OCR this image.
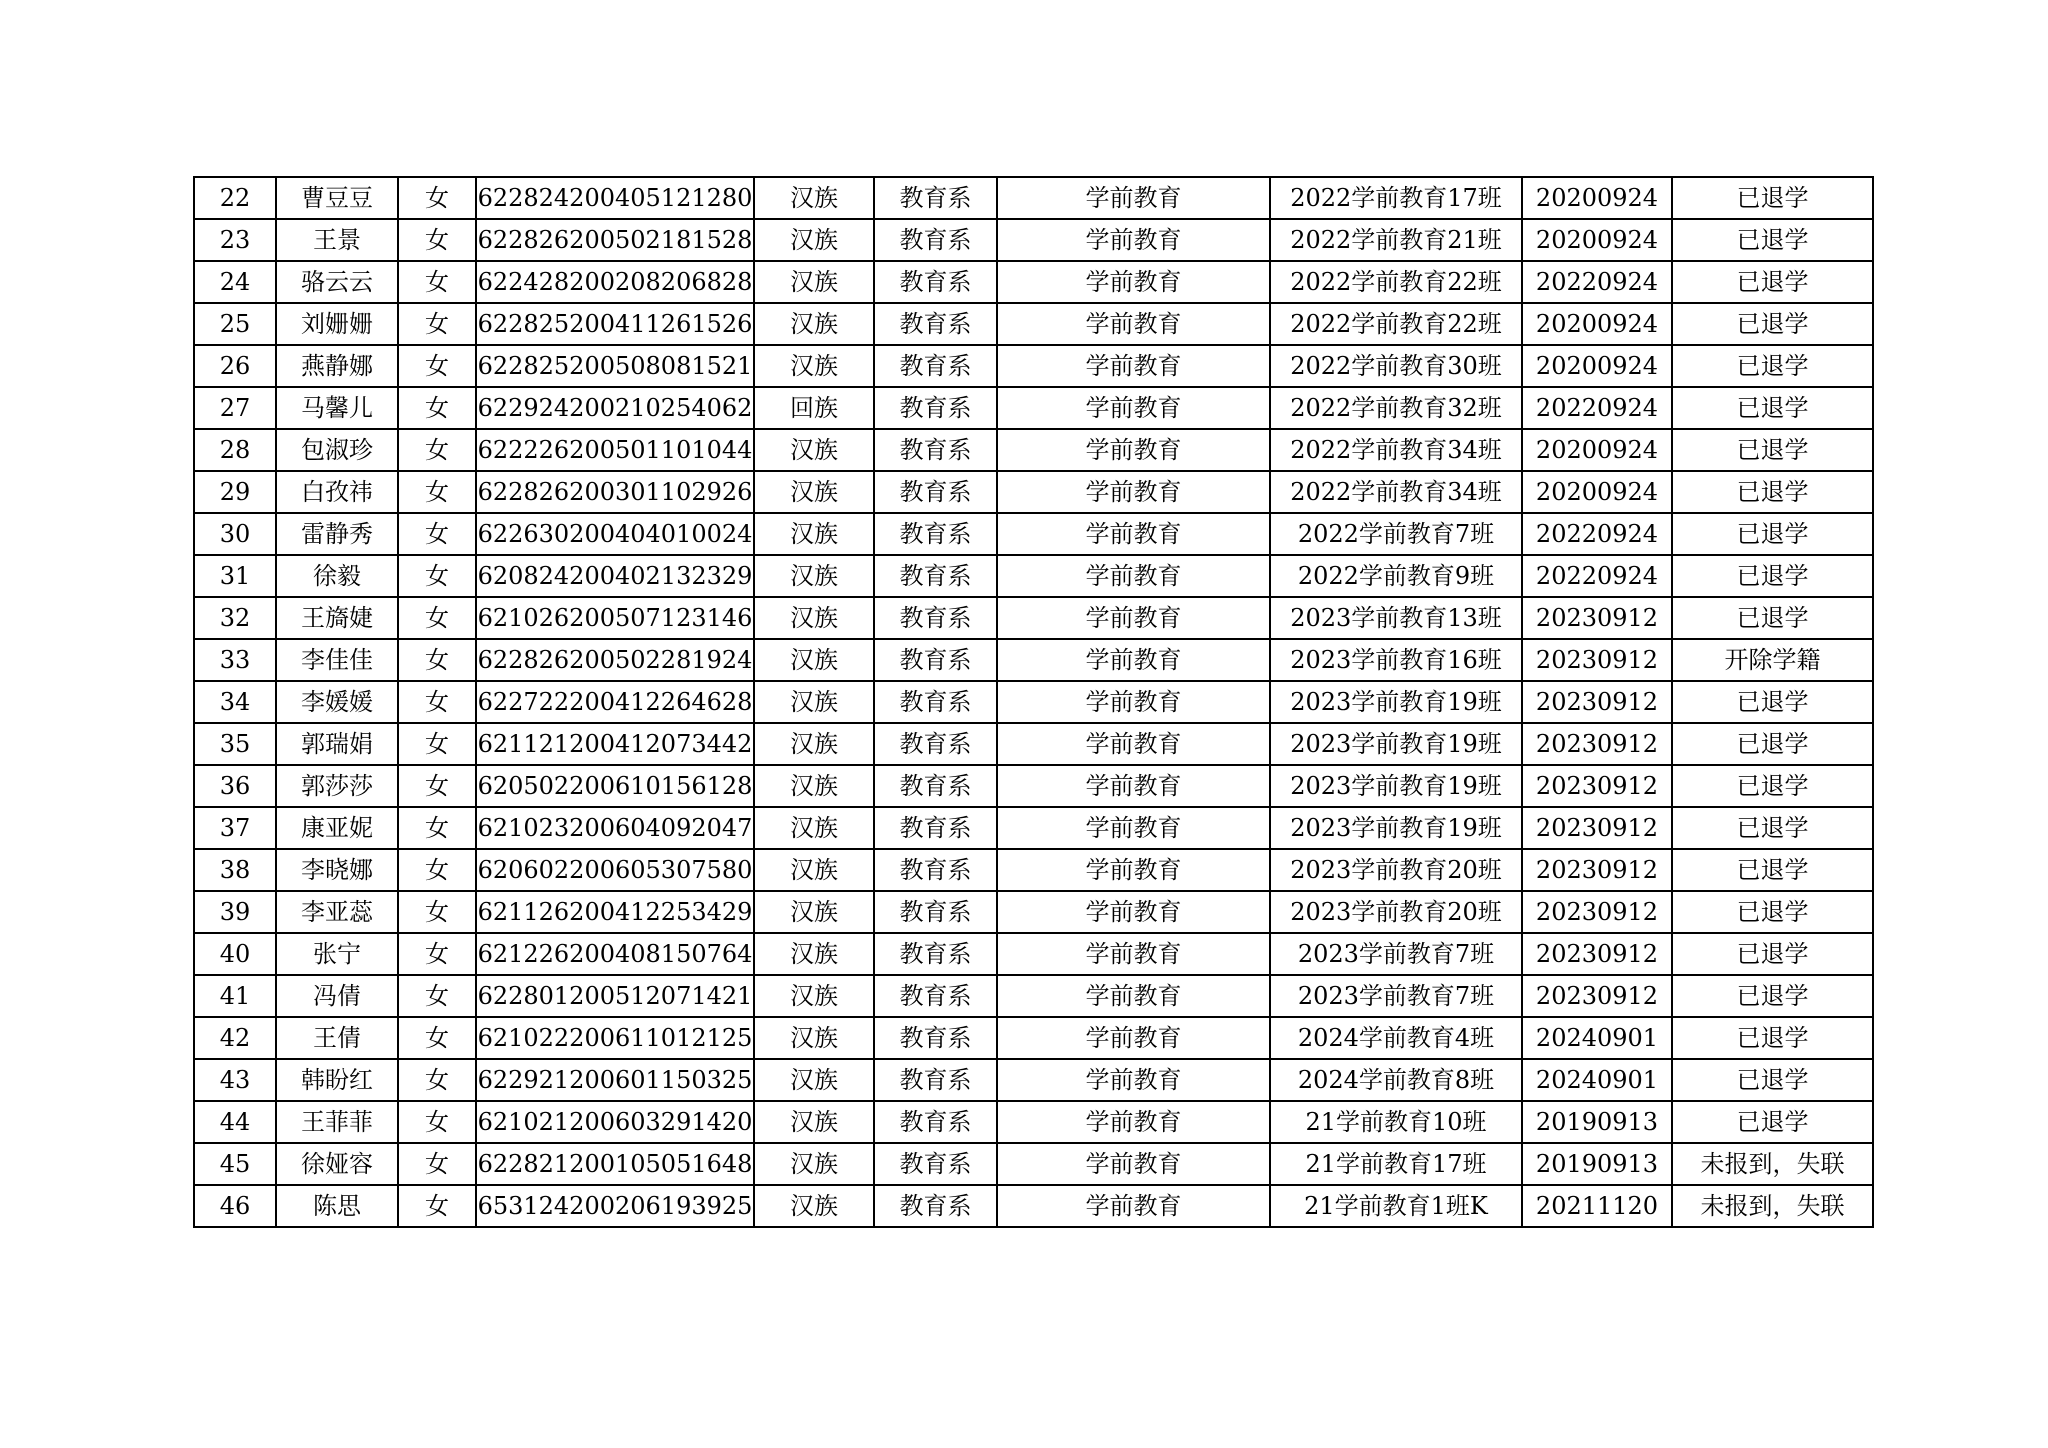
22	曹豆豆	女	622824200405121280	汉族	教育系	学前教育	2022学前教育17班	20200924	已退学
23	王景	女	622826200502181528	汉族	教育系	学前教育	2022学前教育21班	20200924	已退学
24	骆云云	女	622428200208206828	汉族	教育系	学前教育	2022学前教育22班	20220924	已退学
25	刘姗姗	女	622825200411261526	汉族	教育系	学前教育	2022学前教育22班	20200924	已退学
26	燕静娜	女	622825200508081521	汉族	教育系	学前教育	2022学前教育30班	20200924	已退学
27	马馨儿	女	622924200210254062	回族	教育系	学前教育	2022学前教育32班	20220924	已退学
28	包淑珍	女	622226200501101044	汉族	教育系	学前教育	2022学前教育34班	20200924	已退学
29	白孜祎	女	622826200301102926	汉族	教育系	学前教育	2022学前教育34班	20200924	已退学
30	雷静秀	女	622630200404010024	汉族	教育系	学前教育	2022学前教育7班	20220924	已退学
31	徐毅	女	620824200402132329	汉族	教育系	学前教育	2022学前教育9班	20220924	已退学
32	王旖婕	女	621026200507123146	汉族	教育系	学前教育	2023学前教育13班	20230912	已退学
33	李佳佳	女	622826200502281924	汉族	教育系	学前教育	2023学前教育16班	20230912	开除学籍
34	李媛媛	女	622722200412264628	汉族	教育系	学前教育	2023学前教育19班	20230912	已退学
35	郭瑞娟	女	621121200412073442	汉族	教育系	学前教育	2023学前教育19班	20230912	已退学
36	郭莎莎	女	620502200610156128	汉族	教育系	学前教育	2023学前教育19班	20230912	已退学
37	康亚妮	女	621023200604092047	汉族	教育系	学前教育	2023学前教育19班	20230912	已退学
38	李晓娜	女	620602200605307580	汉族	教育系	学前教育	2023学前教育20班	20230912	已退学
39	李亚蕊	女	621126200412253429	汉族	教育系	学前教育	2023学前教育20班	20230912	已退学
40	张宁	女	621226200408150764	汉族	教育系	学前教育	2023学前教育7班	20230912	已退学
41	冯倩	女	622801200512071421	汉族	教育系	学前教育	2023学前教育7班	20230912	已退学
42	王倩	女	621022200611012125	汉族	教育系	学前教育	2024学前教育4班	20240901	已退学
43	韩盼红	女	622921200601150325	汉族	教育系	学前教育	2024学前教育8班	20240901	已退学
44	王菲菲	女	621021200603291420	汉族	教育系	学前教育	21学前教育10班	20190913	已退学
45	徐娅容	女	622821200105051648	汉族	教育系	学前教育	21学前教育17班	20190913	未报到，失联
46	陈思	女	653124200206193925	汉族	教育系	学前教育	21学前教育1班K	20211120	未报到，失联
